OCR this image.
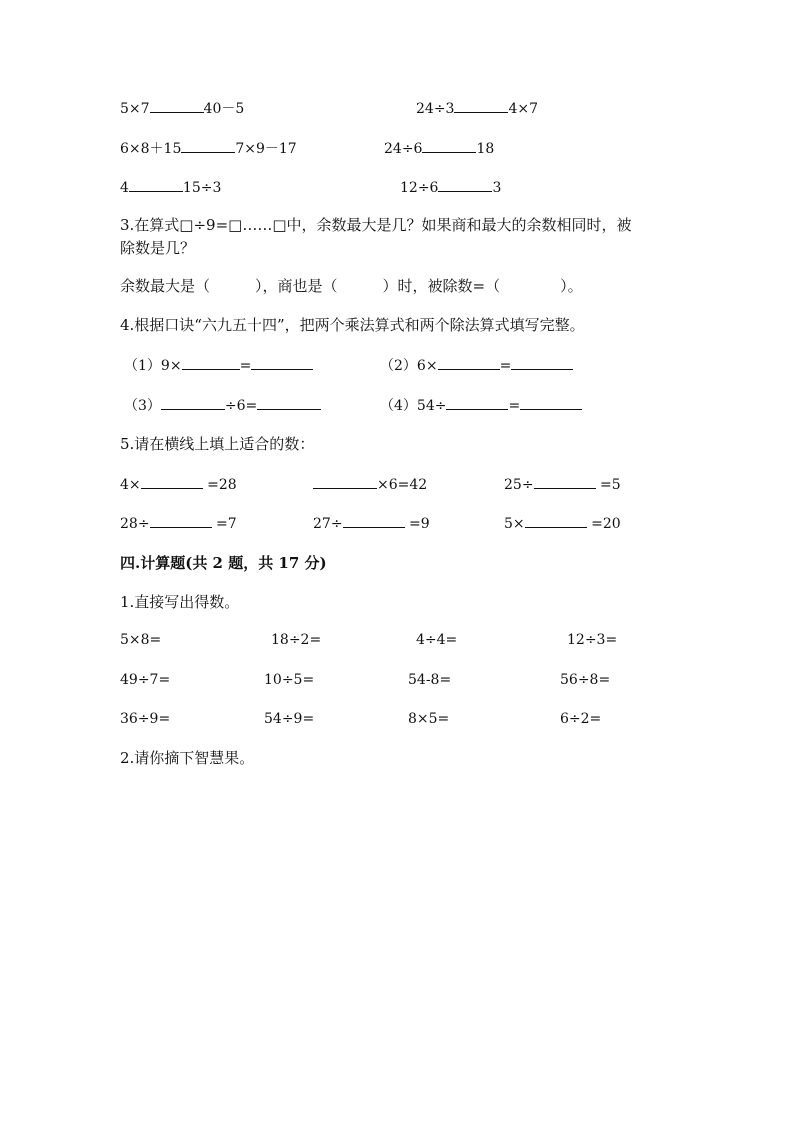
5×7	40－5	24÷3	4×7
6×8＋15	7×9－17	24÷6	18
4	15÷3	12÷6	3
3.在算式□÷9=□……□中，余数最大是几？如果商和最大的余数相同时，被
除数是几？
余数最大是（　　　），商也是（　　　）时，被除数=（　　　　）。
4.根据口诀“六九五十四”，把两个乘法算式和两个除法算式填写完整。
（1）9×	=	（2）6×	=
（3）	÷6=	（4）54÷	=
5.请在横线上填上适合的数：
4×	=28	×6=42	25÷	=5
28÷	=7	27÷	=9	5×	=20
四.计算题(共 2 题，共 17 分)
1.直接写出得数。
5×8=	18÷2=	4÷4=	12÷3=
49÷7=	10÷5=	54-8=	56÷8=
36÷9=	54÷9=	8×5=	6÷2=
2.请你摘下智慧果。
